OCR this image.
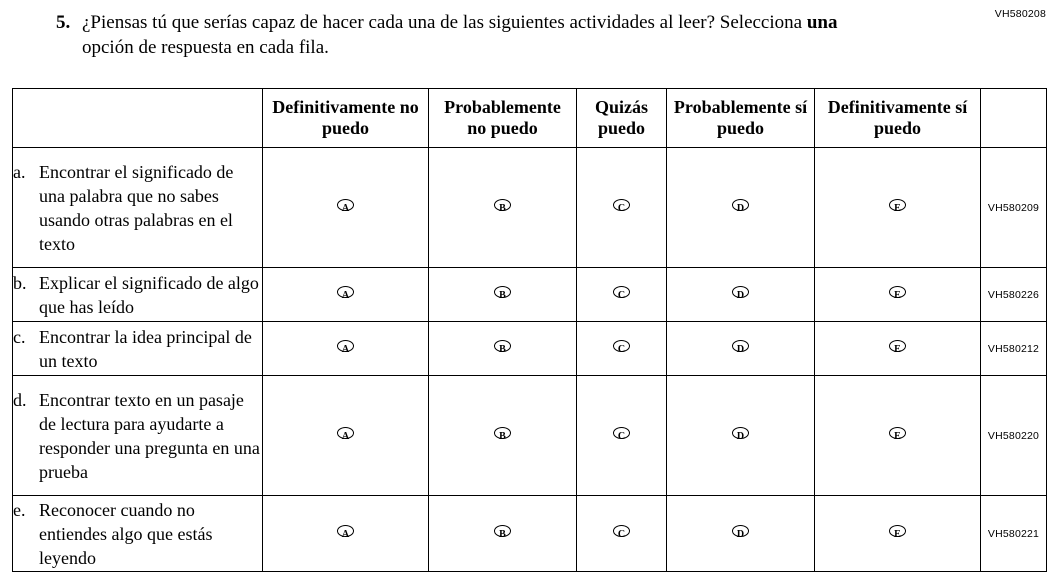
VH580208
5. ¿Piensas tú que serías capaz de hacer cada una de las siguientes actividades al leer? Selecciona una opción de respuesta en cada fila.
	Definitivamente no puedo	Probablemente no puedo	Quizás puedo	Probablemente sí puedo	Definitivamente sí puedo	

a. Encontrar el significado de una palabra que no sabes usando otras palabras en el texto	A	B	C	D	E	VH580209

b. Explicar el significado de algo que has leído	A	B	C	D	E	VH580226

c. Encontrar la idea principal de un texto	A	B	C	D	E	VH580212

d. Encontrar texto en un pasaje de lectura para ayudarte a responder una pregunta en una prueba	A	B	C	D	E	VH580220

e. Reconocer cuando no entiendes algo que estás leyendo	A	B	C	D	E	VH580221
